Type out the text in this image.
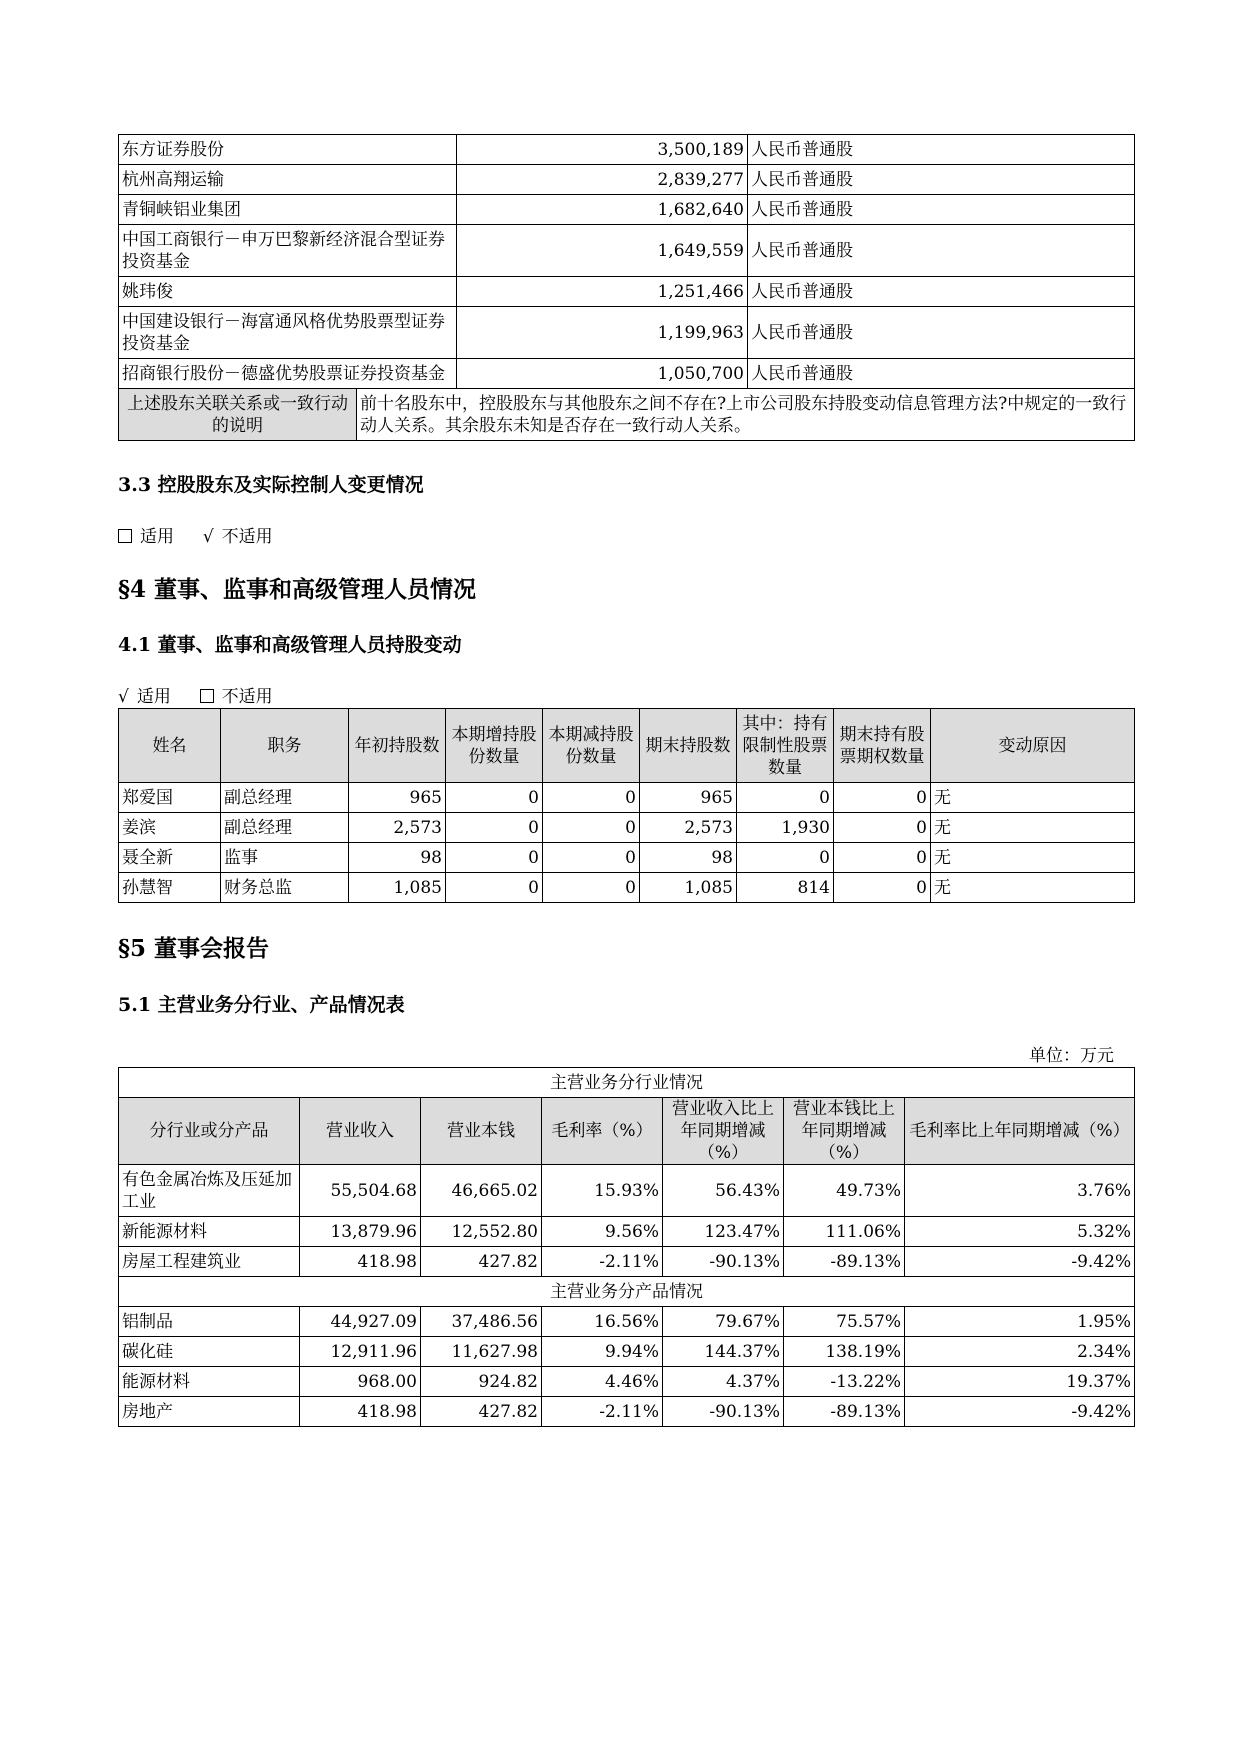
东方证券股份	3,500,189	人民币普通股
杭州高翔运输	2,839,277	人民币普通股
青铜峡铝业集团	1,682,640	人民币普通股
中国工商银行－申万巴黎新经济混合型证券投资基金	1,649,559	人民币普通股
姚玮俊	1,251,466	人民币普通股
中国建设银行－海富通风格优势股票型证券投资基金	1,199,963	人民币普通股
招商银行股份－德盛优势股票证券投资基金	1,050,700	人民币普通股
上述股东关联关系或一致行动的说明	前十名股东中，控股股东与其他股东之间不存在?上市公司股东持股变动信息管理方法?中规定的一致行动人关系。其余股东未知是否存在一致行动人关系。
3.3 控股股东及实际控制人变更情况
适用 √ 不适用
§4 董事、监事和高级管理人员情况
4.1 董事、监事和高级管理人员持股变动
√ 适用	不适用
姓名	职务	年初持股数	本期增持股份数量	本期减持股份数量	期末持股数	其中：持有限制性股票数量	期末持有股票期权数量	变动原因
郑爱国	副总经理	965	0	0	965	0	0	无
姜滨	副总经理	2,573	0	0	2,573	1,930	0	无
聂全新	监事	98	0	0	98	0	0	无
孙慧智	财务总监	1,085	0	0	1,085	814	0	无
§5 董事会报告
5.1 主营业务分行业、产品情况表
单位：万元
主营业务分行业情况						
分行业或分产品	营业收入	营业本钱	毛利率（%）	营业收入比上年同期增减（%）	营业本钱比上年同期增减（%）	毛利率比上年同期增减（%）
有色金属冶炼及压延加工业	55,504.68	46,665.02	15.93%	56.43%	49.73%	3.76%
新能源材料	13,879.96	12,552.80	9.56%	123.47%	111.06%	5.32%
房屋工程建筑业	418.98	427.82	-2.11%	-90.13%	-89.13%	-9.42%
主营业务分产品情况						
铝制品	44,927.09	37,486.56	16.56%	79.67%	75.57%	1.95%
碳化硅	12,911.96	11,627.98	9.94%	144.37%	138.19%	2.34%
能源材料	968.00	924.82	4.46%	4.37%	-13.22%	19.37%
房地产	418.98	427.82	-2.11%	-90.13%	-89.13%	-9.42%
